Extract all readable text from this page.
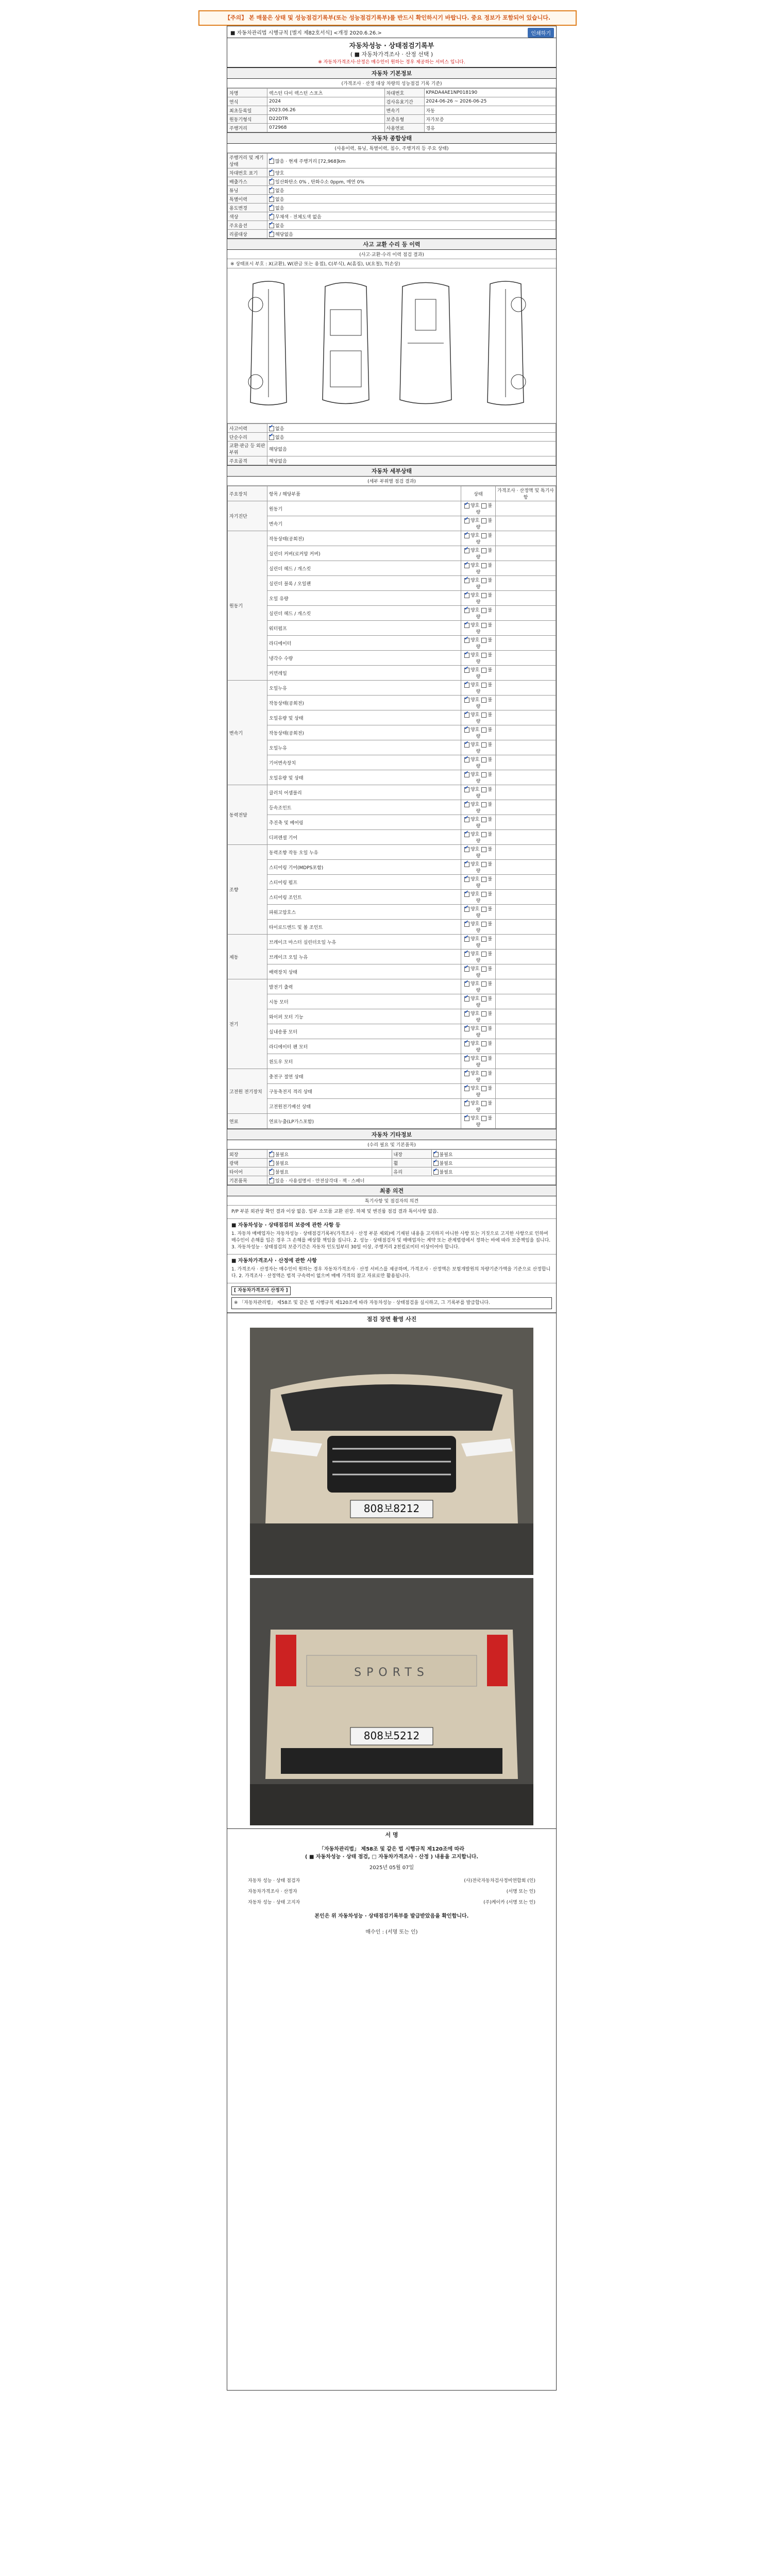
【주의】 본 매물은 상태 및 성능점검기록부(또는 성능점검기록부)를 반드시 확인하시기 바랍니다. 중요 정보가 포함되어 있습니다.
■ 자동차관리법 시행규칙 [별지 제82호서식] <개정 2020.6.26.>	인쇄하기
자동차성능 · 상태점검기록부
( ■ 자동차가격조사 · 산정 선택 )
※ 자동차가격조사·산정은 매수인이 원하는 경우 제공하는 서비스 입니다.
자동차 기본정보
(가격조사 · 산정 대상 차량의 성능점검 기록 기준)
차명	렉스턴 다이 렉스턴 스포츠	차대번호	KPADA4AE1NP018190
연식	2024	검사유효기간	2024-06-26 ~ 2026-06-25
최초등록일	2023.06.26	변속기	자동
원동기형식	D22DTR	보증유형	자가보증
주행거리	072968	사용연료	경유
자동차 종합상태
(사용이력, 튜닝, 특별이력, 침수, 주행거리 등 주요 상태)
주행거리 및 계기상태	✔많음 · 현재 주행거리 [72,968]km
차대번호 표기	✔양호
배출가스	✔일산화탄소 0% , 탄화수소 0ppm, 매연 0%
튜닝	✔없음
특별이력	✔없음
용도변경	✔없음
색상	✔무채색 · 전체도색 없음
주요옵션	✔없음
리콜대상	✔해당없음
사고 교환 수리 등 이력
(사고·교환·수리 이력 점검 결과)
※ 상태표시 부호 : X(교환), W(판금 또는 용접), C(부식), A(흠집), U(요철), T(손상)
사고이력	✔없음
단순수리	✔없음
교환·판금 등 외판 부위	해당없음
주요골격	해당없음
자동차 세부상태
(세부 부위별 점검 결과)
주요장치	항목 / 해당부품	상태	가격조사 · 산정액 및 특기사항
자기진단	원동기	✔양호 불량	
	변속기	✔양호 불량	
원동기	작동상태(공회전)	✔양호 불량	
	실린더 커버(로커암 커버)	✔양호 불량	
	실린더 헤드 / 개스킷	✔양호 불량	
	실린더 블록 / 오일팬	✔양호 불량	
	오일 유량	✔양호 불량	
	실린더 헤드 / 개스킷	✔양호 불량	
	워터펌프	✔양호 불량	
	라디에이터	✔양호 불량	
	냉각수 수량	✔양호 불량	
	커먼레일	✔양호 불량	
변속기	오일누유	✔양호 불량	
	작동상태(공회전)	✔양호 불량	
	오일유량 및 상태	✔양호 불량	
	작동상태(공회전)	✔양호 불량	
	오일누유	✔양호 불량	
	기어변속장치	✔양호 불량	
	오일유량 및 상태	✔양호 불량	
동력전달	클러치 어셈블리	✔양호 불량	
	등속조인트	✔양호 불량	
	추진축 및 베어링	✔양호 불량	
	디퍼렌셜 기어	✔양호 불량	
조향	동력조향 작동 오일 누유	✔양호 불량	
	스티어링 기어(MDPS포함)	✔양호 불량	
	스티어링 펌프	✔양호 불량	
	스티어링 조인트	✔양호 불량	
	파워고압호스	✔양호 불량	
	타이로드엔드 및 볼 조인트	✔양호 불량	
제동	브레이크 마스터 실린더오일 누유	✔양호 불량	
	브레이크 오일 누유	✔양호 불량	
	배력장치 상태	✔양호 불량	
전기	발전기 출력	✔양호 불량	
	시동 모터	✔양호 불량	
	와이퍼 모터 기능	✔양호 불량	
	실내송풍 모터	✔양호 불량	
	라디에이터 팬 모터	✔양호 불량	
	윈도우 모터	✔양호 불량	
고전원 전기장치	충전구 절연 상태	✔양호 불량	
	구동축전지 격리 상태	✔양호 불량	
	고전원전기배선 상태	✔양호 불량	
연료	연료누출(LP가스포함)	✔양호 불량	
자동차 기타정보
(수리 필요 및 기본품목)
외장	✔불필요	내장	✔불필요
광택	✔불필요	휠	✔불필요
타이어	✔불필요	유리	✔불필요
기본품목	✔있음 · 사용설명서 · 안전삼각대 · 잭 · 스패너
최종 의견
특기사항 및 점검자의 의견
P/P 부분 외관상 확인 결과 이상 없음. 일부 소모품 교환 권장. 하체 및 엔진룸 점검 결과 특이사항 없음.
■ 자동차성능 · 상태점검의 보증에 관한 사항 등
1. 자동차 매매업자는 자동차성능 · 상태점검기록부(가격조사 · 산정 부분 제외)에 기재된 내용을 고지하지 아니한 사항 또는 거짓으로 고지한 사항으로 인하여 매수인이 손해를 입은 경우 그 손해를 배상할 책임을 집니다. 2. 성능 · 상태점검자 및 매매업자는 계약 또는 관계법령에서 정하는 바에 따라 보증책임을 집니다. 3. 자동차성능 · 상태점검의 보증기간은 자동차 인도일부터 30일 이상, 주행거리 2천킬로미터 이상이어야 합니다.
■ 자동차가격조사 · 산정에 관한 사항
1. 가격조사 · 산정자는 매수인이 원하는 경우 자동차가격조사 · 산정 서비스를 제공하며, 가격조사 · 산정액은 보험개발원의 차량기준가액을 기준으로 산정합니다. 2. 가격조사 · 산정액은 법적 구속력이 없으며 매매 가격의 참고 자료로만 활용됩니다.
[ 자동차가격조사 산정자 ]
※ 「자동차관리법」 제58조 및 같은 법 시행규칙 제120조에 따라 자동차성능 · 상태점검을 실시하고, 그 기록부를 발급합니다.
점검 장면 촬영 사진
808보8212
SPORTS
808보5212
서 명
「자동차관리법」 제58조 및 같은 법 시행규칙 제120조에 따라
( ■ 자동차성능 · 상태 점검, □ 자동차가격조사 · 산정 ) 내용을 고지합니다.
2025년 05월 07일
자동차 성능 · 상태 점검자	(사)전국자동차검사정비연합회 (인)
자동차가격조사 · 산정자	(서명 또는 인)
자동차 성능 · 상태 고지자	(주)케이카 (서명 또는 인)
본인은 위 자동차성능 · 상태점검기록부를 발급받았음을 확인합니다.
매수인 : (서명 또는 인)
